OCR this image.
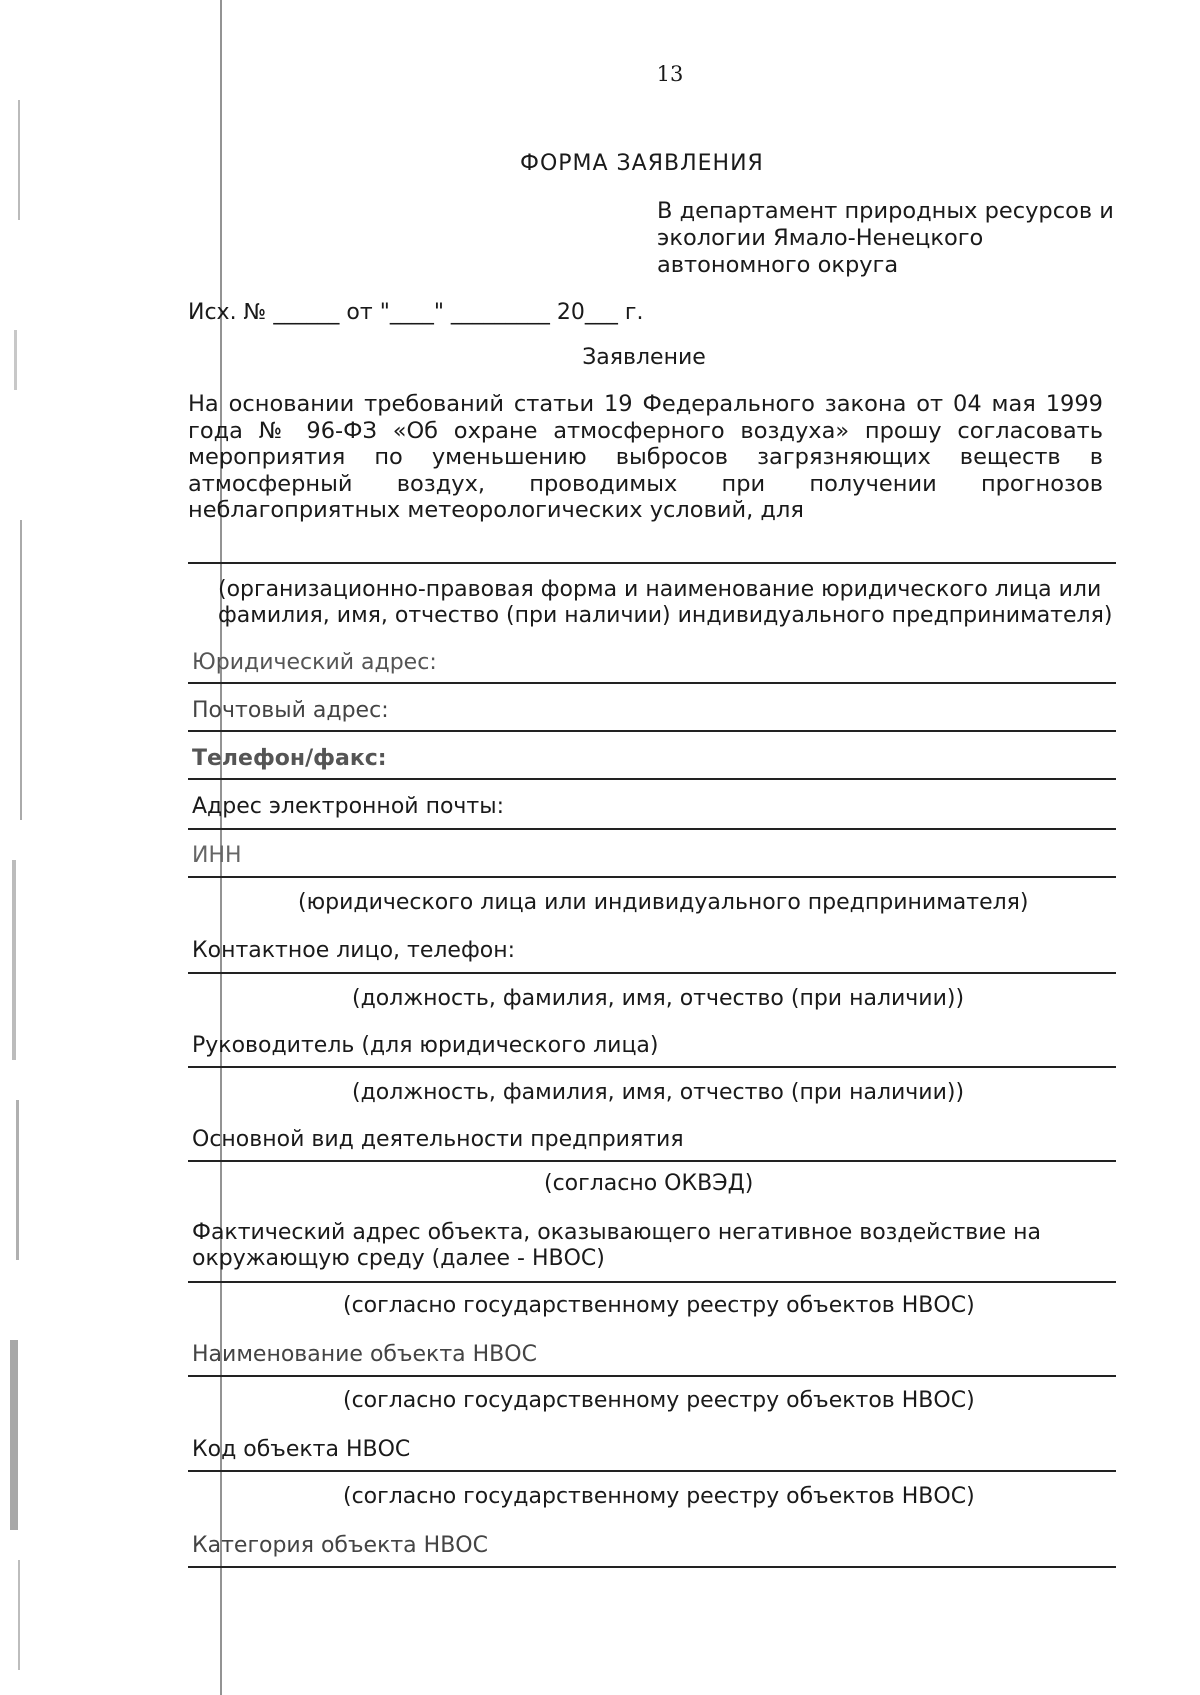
13
ФОРМА ЗАЯВЛЕНИЯ
В департамент природных ресурсов и экологии Ямало-Ненецкого автономного округа
Исх. № ______ от "____" _________ 20___ г.
Заявление
На основании требований статьи 19 Федерального закона от 04 мая 1999 года № 96-ФЗ «Об охране атмосферного воздуха» прошу согласовать мероприятия по уменьшению выбросов загрязняющих веществ в атмосферный воздух, проводимых при получении прогнозов неблагоприятных метеорологических условий, для
(организационно-правовая форма и наименование юридического лица или
фамилия, имя, отчество (при наличии) индивидуального предпринимателя)
Юридический адрес:
Почтовый адрес:
Телефон/факс:
Адрес электронной почты:
ИНН
(юридического лица или индивидуального предпринимателя)
Контактное лицо, телефон:
(должность, фамилия, имя, отчество (при наличии))
Руководитель (для юридического лица)
(должность, фамилия, имя, отчество (при наличии))
Основной вид деятельности предприятия
(согласно ОКВЭД)
Фактический адрес объекта, оказывающего негативное воздействие на
окружающую среду (далее - НВОС)
(согласно государственному реестру объектов НВОС)
Наименование объекта НВОС
(согласно государственному реестру объектов НВОС)
Код объекта НВОС
(согласно государственному реестру объектов НВОС)
Категория объекта НВОС
